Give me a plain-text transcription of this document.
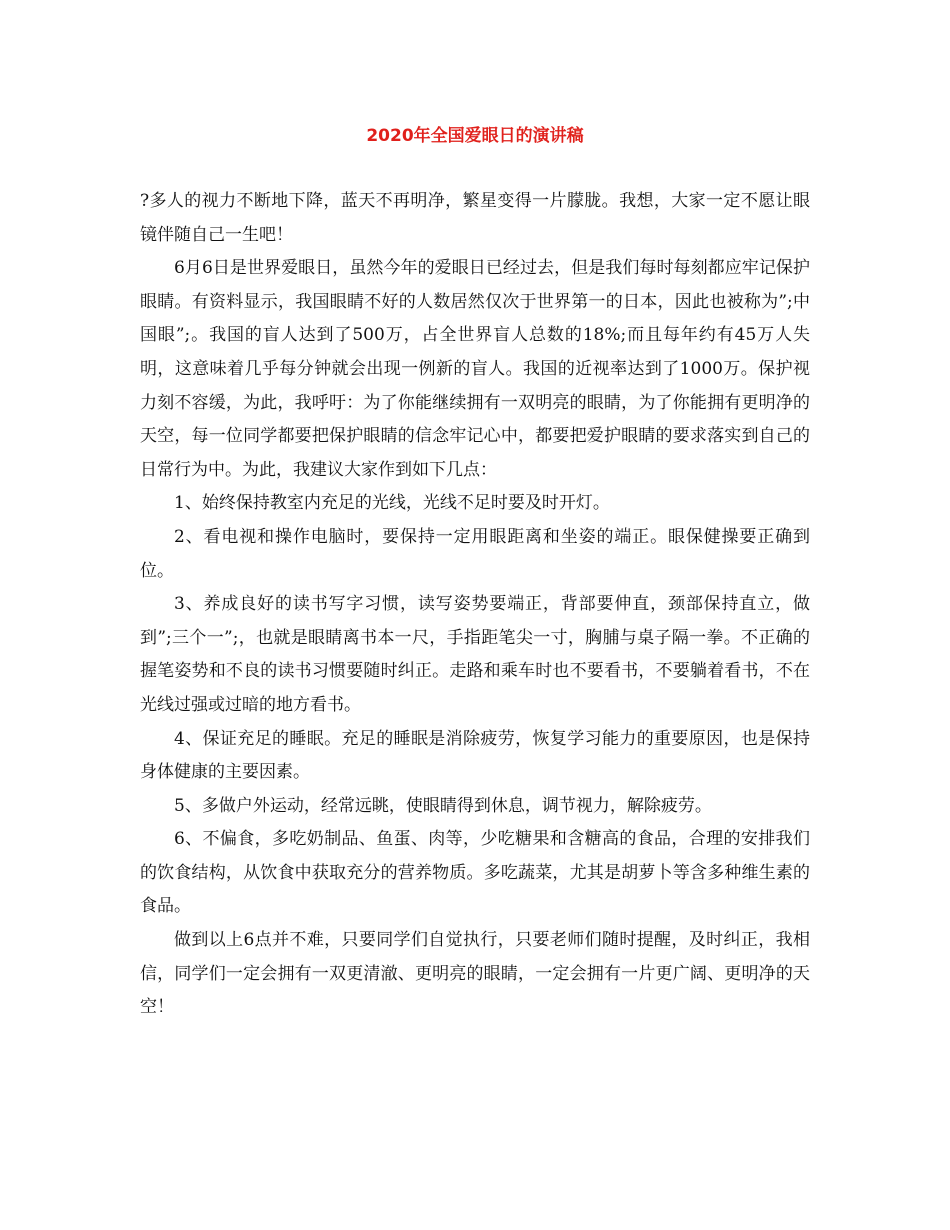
2020年全国爱眼日的演讲稿

?多人的视力不断地下降，蓝天不再明净，繁星变得一片朦胧。我想，大家一定不愿让眼镜伴随自己一生吧！

6月6日是世界爱眼日，虽然今年的爱眼日已经过去，但是我们每时每刻都应牢记保护眼睛。有资料显示，我国眼睛不好的人数居然仅次于世界第一的日本，因此也被称为”;中国眼”;。我国的盲人达到了500万，占全世界盲人总数的18%;而且每年约有45万人失明，这意味着几乎每分钟就会出现一例新的盲人。我国的近视率达到了1000万。保护视力刻不容缓，为此，我呼吁：为了你能继续拥有一双明亮的眼睛，为了你能拥有更明净的天空，每一位同学都要把保护眼睛的信念牢记心中，都要把爱护眼睛的要求落实到自己的日常行为中。为此，我建议大家作到如下几点：

1、始终保持教室内充足的光线，光线不足时要及时开灯。

2、看电视和操作电脑时，要保持一定用眼距离和坐姿的端正。眼保健操要正确到位。

3、养成良好的读书写字习惯，读写姿势要端正，背部要伸直，颈部保持直立，做到”;三个一”;，也就是眼睛离书本一尺，手指距笔尖一寸，胸脯与桌子隔一拳。不正确的握笔姿势和不良的读书习惯要随时纠正。走路和乘车时也不要看书，不要躺着看书，不在光线过强或过暗的地方看书。

4、保证充足的睡眠。充足的睡眠是消除疲劳，恢复学习能力的重要原因，也是保持身体健康的主要因素。

5、多做户外运动，经常远眺，使眼睛得到休息，调节视力，解除疲劳。

6、不偏食，多吃奶制品、鱼蛋、肉等，少吃糖果和含糖高的食品，合理的安排我们的饮食结构，从饮食中获取充分的营养物质。多吃蔬菜，尤其是胡萝卜等含多种维生素的食品。

做到以上6点并不难，只要同学们自觉执行，只要老师们随时提醒，及时纠正，我相信，同学们一定会拥有一双更清澈、更明亮的眼睛，一定会拥有一片更广阔、更明净的天空！
